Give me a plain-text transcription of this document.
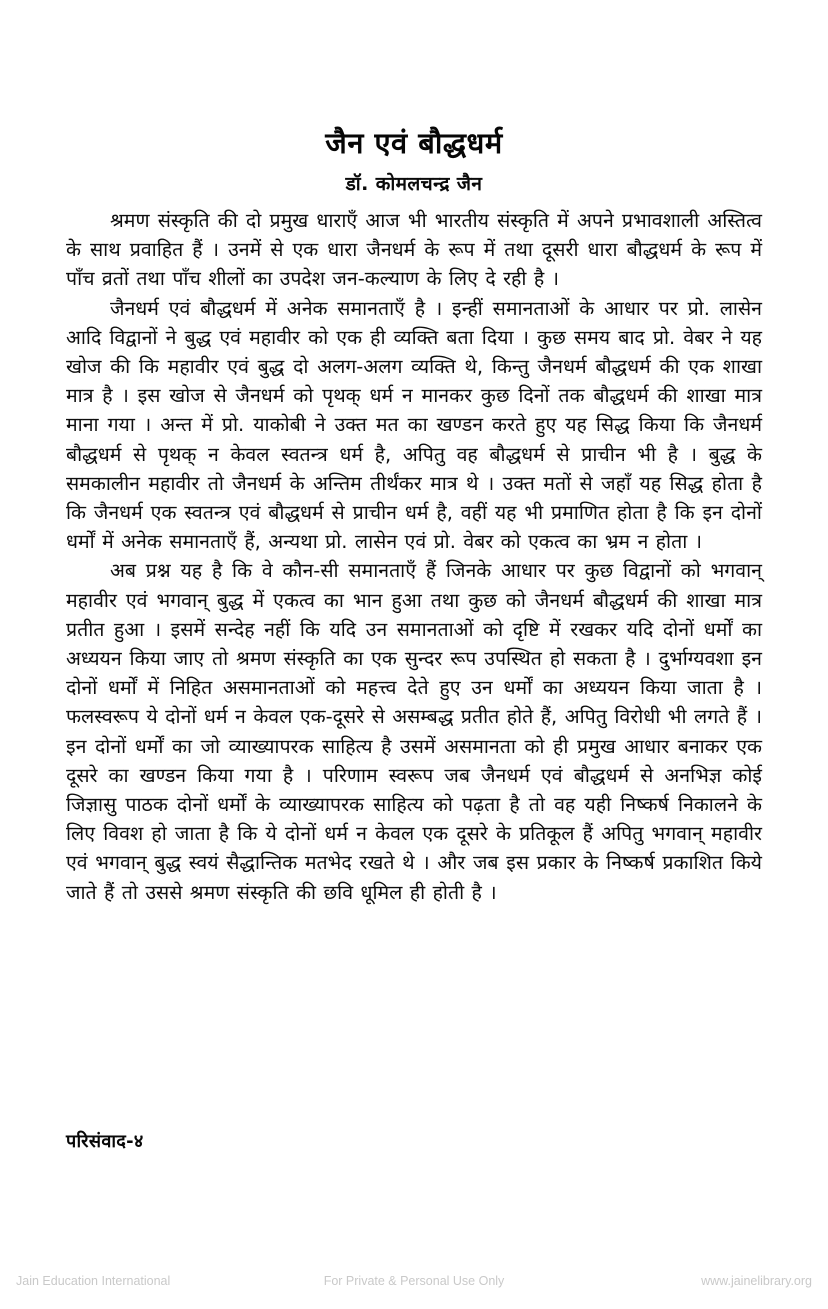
जैन एवं बौद्धधर्म
डॉ. कोमलचन्द्र जैन

श्रमण संस्कृति की दो प्रमुख धाराएँ आज भी भारतीय संस्कृति में अपने प्रभावशाली अस्तित्व के साथ प्रवाहित हैं । उनमें से एक धारा जैनधर्म के रूप में तथा दूसरी धारा बौद्धधर्म के रूप में पाँच व्रतों तथा पाँच शीलों का उपदेश जन-कल्याण के लिए दे रही है ।

जैनधर्म एवं बौद्धधर्म में अनेक समानताएँ है । इन्हीं समानताओं के आधार पर प्रो. लासेन आदि विद्वानों ने बुद्ध एवं महावीर को एक ही व्यक्ति बता दिया । कुछ समय बाद प्रो. वेबर ने यह खोज की कि महावीर एवं बुद्ध दो अलग-अलग व्यक्ति थे, किन्तु जैनधर्म बौद्धधर्म की एक शाखा मात्र है । इस खोज से जैनधर्म को पृथक् धर्म न मानकर कुछ दिनों तक बौद्धधर्म की शाखा मात्र माना गया । अन्त में प्रो. याकोबी ने उक्त मत का खण्डन करते हुए यह सिद्ध किया कि जैनधर्म बौद्धधर्म से पृथक् न केवल स्वतन्त्र धर्म है, अपितु वह बौद्धधर्म से प्राचीन भी है । बुद्ध के समकालीन महावीर तो जैनधर्म के अन्तिम तीर्थंकर मात्र थे । उक्त मतों से जहाँ यह सिद्ध होता है कि जैनधर्म एक स्वतन्त्र एवं बौद्धधर्म से प्राचीन धर्म है, वहीं यह भी प्रमाणित होता है कि इन दोनों धर्मों में अनेक समानताएँ हैं, अन्यथा प्रो. लासेन एवं प्रो. वेबर को एकत्व का भ्रम न होता ।

अब प्रश्न यह है कि वे कौन-सी समानताएँ हैं जिनके आधार पर कुछ विद्वानों को भगवान् महावीर एवं भगवान् बुद्ध में एकत्व का भान हुआ तथा कुछ को जैनधर्म बौद्धधर्म की शाखा मात्र प्रतीत हुआ । इसमें सन्देह नहीं कि यदि उन समानताओं को दृष्टि में रखकर यदि दोनों धर्मों का अध्ययन किया जाए तो श्रमण संस्कृति का एक सुन्दर रूप उपस्थित हो सकता है । दुर्भाग्यवशा इन दोनों धर्मों में निहित असमानताओं को महत्त्व देते हुए उन धर्मों का अध्ययन किया जाता है । फलस्वरूप ये दोनों धर्म न केवल एक-दूसरे से असम्बद्ध प्रतीत होते हैं, अपितु विरोधी भी लगते हैं । इन दोनों धर्मों का जो व्याख्यापरक साहित्य है उसमें असमानता को ही प्रमुख आधार बनाकर एक दूसरे का खण्डन किया गया है । परिणाम स्वरूप जब जैनधर्म एवं बौद्धधर्म से अनभिज्ञ कोई जिज्ञासु पाठक दोनों धर्मों के व्याख्यापरक साहित्य को पढ़ता है तो वह यही निष्कर्ष निकालने के लिए विवश हो जाता है कि ये दोनों धर्म न केवल एक दूसरे के प्रतिकूल हैं अपितु भगवान् महावीर एवं भगवान् बुद्ध स्वयं सैद्धान्तिक मतभेद रखते थे । और जब इस प्रकार के निष्कर्ष प्रकाशित किये जाते हैं तो उससे श्रमण संस्कृति की छवि धूमिल ही होती है ।

परिसंवाद-४
Jain Education International	For Private & Personal Use Only	www.jainelibrary.org
